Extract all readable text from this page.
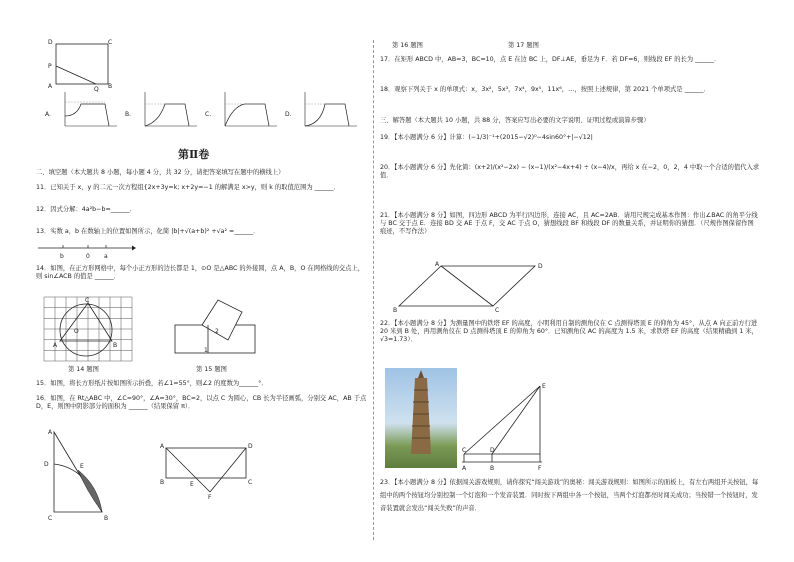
D	C
P
A	Q B
A.	B.	C.	D.
第Ⅱ卷
二、填空题（本大题共 8 小题，每小题 4 分，共 32 分，请把答案填写在题中的横线上）
11．已知关于 x，y 的二元一次方程组{2x+3y=k; x+2y=−1 的解满足 x>y，则 k 的取值范围为 ______．
12．因式分解：4a²b−b=______．
13．实数 a，b 在数轴上的位置如图所示，化简 |b|+√(a+b)² +√a² =______．
b	0 a
14．如图，在正方形网格中，每个小正方形的边长都是 1，⊙O 是△ABC 的外接圆，点 A，B，O 在网格线的交点上，则 sin∠ACB 的值是 ______．
C
O
A	B
2
1
第 14 题图	第 15 题图
15．如图，将长方形纸片按如图所示折叠，若∠1=55°，则∠2 的度数为______°．
16．如图，在 Rt△ABC 中，∠C=90°，∠A=30°，BC=2，以点 C 为圆心，CB 长为半径画弧，分别交 AC，AB 于点 D，E，则图中阴影部分的面积为 ______（结果保留 π）．
A
D	E
C	B
A	D
B	E	C
F
第 16 题图	第 17 题图
17．在矩形 ABCD 中，AB=3，BC=10，点 E 在边 BC 上，DF⊥AE，垂足为 F．若 DF=6，则线段 EF 的长为 ______．
18．观察下列关于 x 的单项式：x，3x²，5x³，7x⁴，9x⁵，11x⁶，…，按照上述规律，第 2021 个单项式是 ______．
三、解答题（本大题共 10 小题，共 88 分，答案应写出必要的文字说明、证明过程或演算步骤）
19．【本小题满分 6 分】计算：(−1/3)⁻¹+(2015−√2)⁰−4sin60°+|−√12|
20．【本小题满分 6 分】先化简：(x+2)/(x²−2x) − (x−1)/(x²−4x+4) ÷ (x−4)/x，再给 x 在−2，0，2，4 中取一个合适的值代入求值．
21．【本小题满分 8 分】如图，四边形 ABCD 为平行四边形，连接 AC，且 AC=2AB．请用尺规完成基本作图：作出∠BAC 的角平分线与 BC 交于点 E．连接 BD 交 AE 于点 F，交 AC 于点 O，猜想线段 BF 和线段 DF 的数量关系，并证明你的猜想．（尺规作图保留作图痕迹，不写作法）
A	D
B	C
22．【本小题满分 8 分】为测量图中的铁塔 EF 的高度，小明利用自制的测角仪在 C 点测得塔顶 E 的仰角为 45°，从点 A 向正前方行进 20 米到 B 处，再用测角仪在 D 点测得塔顶 E 的仰角为 60°．已知测角仪 AC 的高度为 1.5 米，求铁塔 EF 的高度（结果精确到 1 米，√3≈1.73）．
E
C	D
A	B	F
23．【本小题满分 8 分】依据闯关游戏规则，请你探究“闯关游戏”的奥秘：闯关游戏规则：如图所示的面板上，有左右两组开关按钮，每组中的两个按钮均分别控制一个灯泡和一个发音装置．同时按下两组中各一个按钮，当两个灯泡都亮时闯关成功；当按错一个按钮时，发音装置就会发出“闯关失败”的声音．
